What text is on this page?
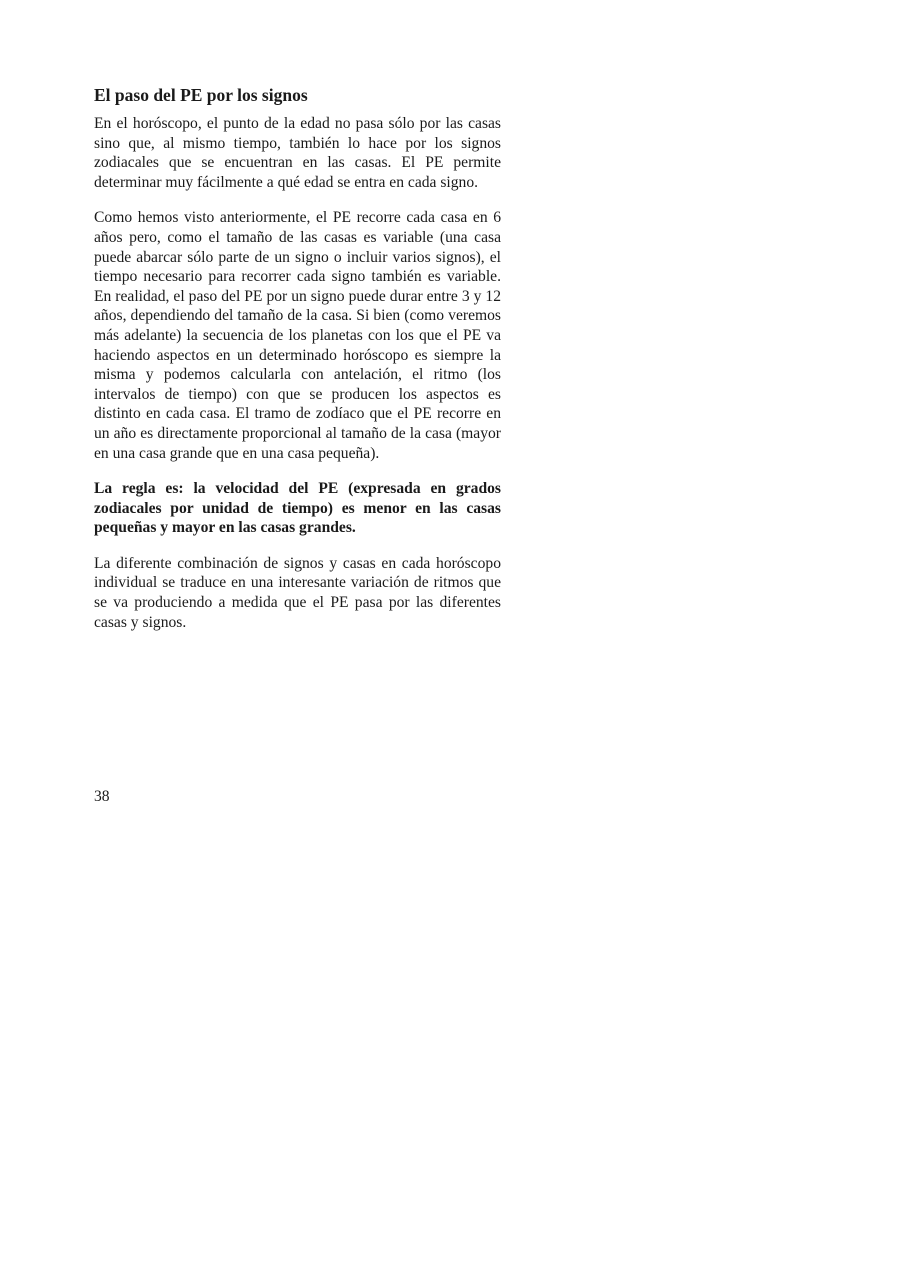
El paso del PE por los signos

En el horóscopo, el punto de la edad no pasa sólo por las casas sino que, al mismo tiempo, también lo hace por los signos zodiacales que se encuentran en las casas. El PE permite determinar muy fácilmente a qué edad se entra en cada signo.

Como hemos visto anteriormente, el PE recorre cada casa en 6 años pero, como el tamaño de las casas es variable (una casa puede abarcar sólo parte de un signo o incluir varios signos), el tiempo necesario para recorrer cada signo también es variable. En realidad, el paso del PE por un signo puede durar entre 3 y 12 años, dependiendo del tamaño de la casa. Si bien (como veremos más adelante) la secuencia de los planetas con los que el PE va haciendo aspectos en un determinado horóscopo es siempre la misma y podemos calcularla con antelación, el ritmo (los intervalos de tiempo) con que se producen los aspectos es distinto en cada casa. El tramo de zodíaco que el PE recorre en un año es directamente proporcional al tamaño de la casa (mayor en una casa grande que en una casa pequeña).

La regla es: la velocidad del PE (expresada en grados zodiacales por unidad de tiempo) es menor en las casas pequeñas y mayor en las casas grandes.

La diferente combinación de signos y casas en cada horóscopo individual se traduce en una interesante variación de ritmos que se va produciendo a medida que el PE pasa por las diferentes casas y signos.

38
